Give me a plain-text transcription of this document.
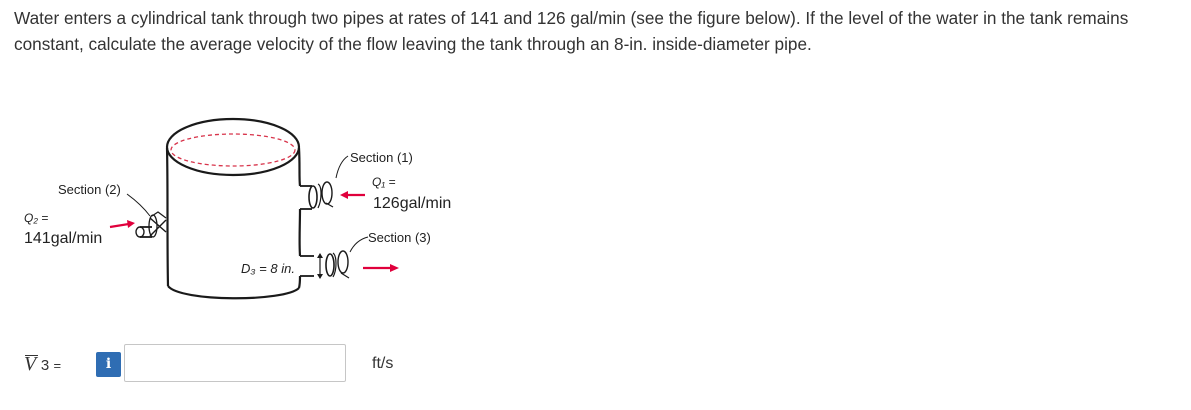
Water enters a cylindrical tank through two pipes at rates of 141 and 126 gal/min (see the figure below). If the level of the water in the tank remains constant, calculate the average velocity of the flow leaving the tank through an 8-in. inside-diameter pipe.
Section (1)
Q₁ =
126gal/min
Section (2)
Q₂ =
141gal/min	Section (3)
D₃ = 8 in.
V 3 =	i	ft/s
